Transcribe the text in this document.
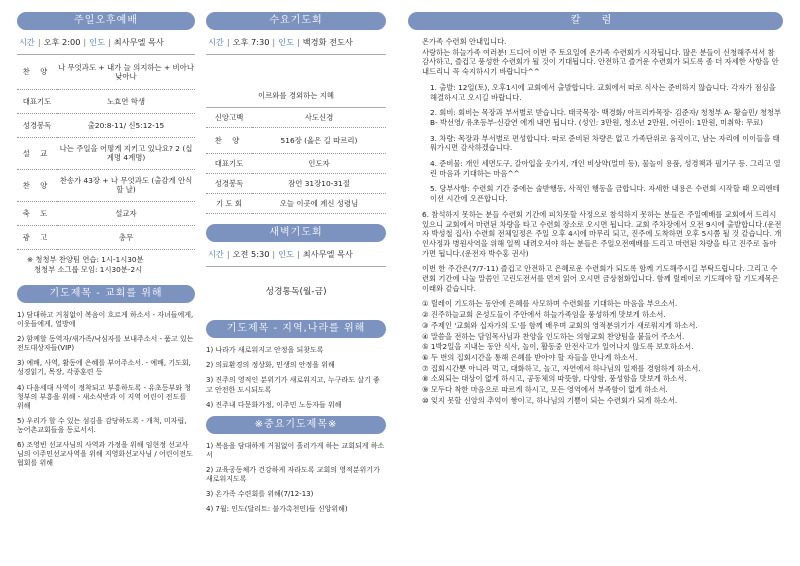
주일오후예배
시간 | 오후 2:00 | 인도 | 최사무엘 목사
찬 양	나 무엇과도 + 내가 늘 의지하는 + 비아나 낮아나
대표기도	노효연 학생
성경봉독	출20:8-11/ 신5:12-15
설 교	나는 주일을 어떻게 지키고 있나요? 2 (십계명 4계명)
찬 양	찬송가 43장 + 나 무엇과도 (출감게 안식할 날)
축 도	설교자
광 고	총무
※ 청청부 찬양팀 연습: 1시-1시30분
청청부 소그룹 모임: 1시30분-2시
기도제목 - 교회를 위해
1) 담대하고 거침없이 복음이 흐르게 하소서 - 자녀들에게, 이웃들에게, 열방에
2) 함께할 동역자/새가족/낙심자를 보내주소서 - 품고 있는 전도대상자들(VIP)
3) 예배, 사역, 활동에 은혜를 부어주소서. - 예배, 기도회, 성경읽기, 목장, 각종훈련 등
4) 다음세대 사역이 정착되고 부흥하도록 - 유초등부와 청청부의 부흥을 위해 - 새소식반과 이 지역 어린이 전도를 위해
5) 우리가 할 수 있는 섬김을 감당하도록 - 개척, 미자립, 농어촌교회들을 동로서서.
6) 조영빈 선교사님의 사역과 가정을 위해 임현정 선교사님의 이주민선교사역을 위해 지영화선교사님 / 어린이전도협회를 위해
수요기도회
시간 | 오후 7:30 | 인도 | 백경화 전도사
이르와를 경외하는 지혜
신앙고백	사도신경
찬 양	516장 (옳은 길 따르리)
대표기도	인도자
성경봉독	잠언 31장10-31절
기 도 회	오늘 이곳에 계신 성령님
새벽기도회
시간 | 오전 5:30 | 인도 | 최사무엘 목사
성경통독(월-금)
기도제목 - 지역,나라를 위해
1) 나라가 새로워지고 안정을 되찾도록
2) 의료환경의 정상화, 민생의 안정을 위해
3) 진주의 영적인 분위기가 새로워지고, 누구라도 살기 좋고 안전한 도시되도록
4) 진주내 다문화가정, 이주민 노동자들 위해
※중요기도제목※
1) 복음을 담대하게 거침없이 흘러가게 하는 교회되게 하소서
2) 교육공동체가 건강하게 자라도록 교회의 영적분위기가 새로워지도록
3) 온가족 수련회를 위해(7/12-13)
4) 7월: 인도(달리트: 불가촉천민)들 신앙위해)
칼 럼

온가족 수련회 안내입니다.

사랑하는 하늘가족 여러분! 드디어 이번 주 토요일에 온가족 수련회가 시작됩니다. 많은 분들이 신청해주셔서 참 감사하고, 즐겁고 풍성한 수련회가 될 것이 기대됩니다. 안전하고 즐거운 수련회가 되도록 좀 더 자세한 사항을 안내드리니 꼭 숙지하시기 바랍니다^^

1. 출발: 12일(토), 오후1시에 교회에서 출발합니다. 교회에서 따로 식사는 준비하지 않습니다. 각자가 점심을 해결하시고 오시길 바랍니다.

2. 회비: 회비는 목장과 부서별로 받습니다. 태국목장- 백경화/ 아프리카목장- 김준자/ 청청부 A- 황슬민/ 청청부 B- 박선영/ 유초등부-신감연 에게 내면 됩니다. (성인: 3만원, 청소년 2만원, 어린이: 1만원, 미취학: 무료)

3. 차량: 목장과 부서별로 편성합니다. 따로 준비된 차량은 없고 가족단위로 움직이고, 남는 자리에 이이들을 태워가시면 감사하겠습니다.

4. 준비물: 개인 세면도구, 갈아입을 옷가지, 개인 비상약(멀미 등), 물놀이 용품, 성경책과 필기구 등. 그리고 열린 마음과 기대하는 마음^^

5. 당부사항: 수련회 기간 중에는 술받행동, 사적인 행동을 금합니다. 자세한 내용은 수련회 시작할 때 오리엔테이션 시간에 오픈합니다.

6. 참석하지 못하는 분들 수련회 기간에 피치못할 사정으로 참석하지 못하는 분들은 주일예배를 교회에서 드리시 있으니 교회에서 마련된 차량을 타고 수련회 장소로 오시면 됩니다. 교회 주차장에서 오전 9시에 출발합니다.(운전자 박성철 집사) 수련회 전체일정은 주일 오후 4시에 마무리 되고, 진주에 도착하면 오후 5시쯤 될 것 같습니다. 개인사정과 병원사역을 위해 일찍 내려오셔야 하는 분들은 주일오전예배를 드리고 마련된 차량을 타고 진주로 돌아가면 됩니다.(운전자 박수홍 권사)

이번 한 주간은(7/7-11) 즐겁고 안전하고 은혜로운 수련회가 되도록 함께 기도해주시길 부탁드립니다. 그리고 수련회 기간에 나눌 말씀인 고린도전서를 먼저 읽어 오시면 금상첨화입니다. 함께 릴레이로 기도해야 할 기도제목은 이래와 같습니다.

① 릴레이 기도하는 동안에 은혜를 사모하며 수련회를 기대하는 마음을 부으소서.
② 진주하늘교회 온성도들이 주안에서 하늘가족임을 풍성하게 맛보게 하소서.
③ 주제인 '교회와 십자가의 도'를 함께 배우며 교회의 영적분위기가 새로워지게 하소서.
④ 말씀을 전하는 담임목사님과 찬양을 인도하는 의형교회 찬양팀을 붙들어 주소서.
⑤ 1박2일을 지내는 동안 식사, 놀이, 활동중 안전사고가 일어나지 않도록 보호하소서.
⑥ 두 번의 집회시간을 통해 은혜를 받아야 할 자들을 만나게 하소서.
⑦ 집회시간뿐 아니라 먹고, 대화하고, 놀고, 자연에서 하나님의 일재를 경험하게 하소서.
⑧ 소외되는 대상이 없게 하시고, 공동체의 따뜻함, 다양함, 풍성함을 맛보게 하소서.
⑨ 모두다 착한 마음으로 따르게 하시고, 모든 영역에서 부족함이 없게 하소서.
⑩ 잊지 못할 신앙의 추억이 쌓이고, 하나님의 기쁨이 되는 수련회가 되게 하소서.
